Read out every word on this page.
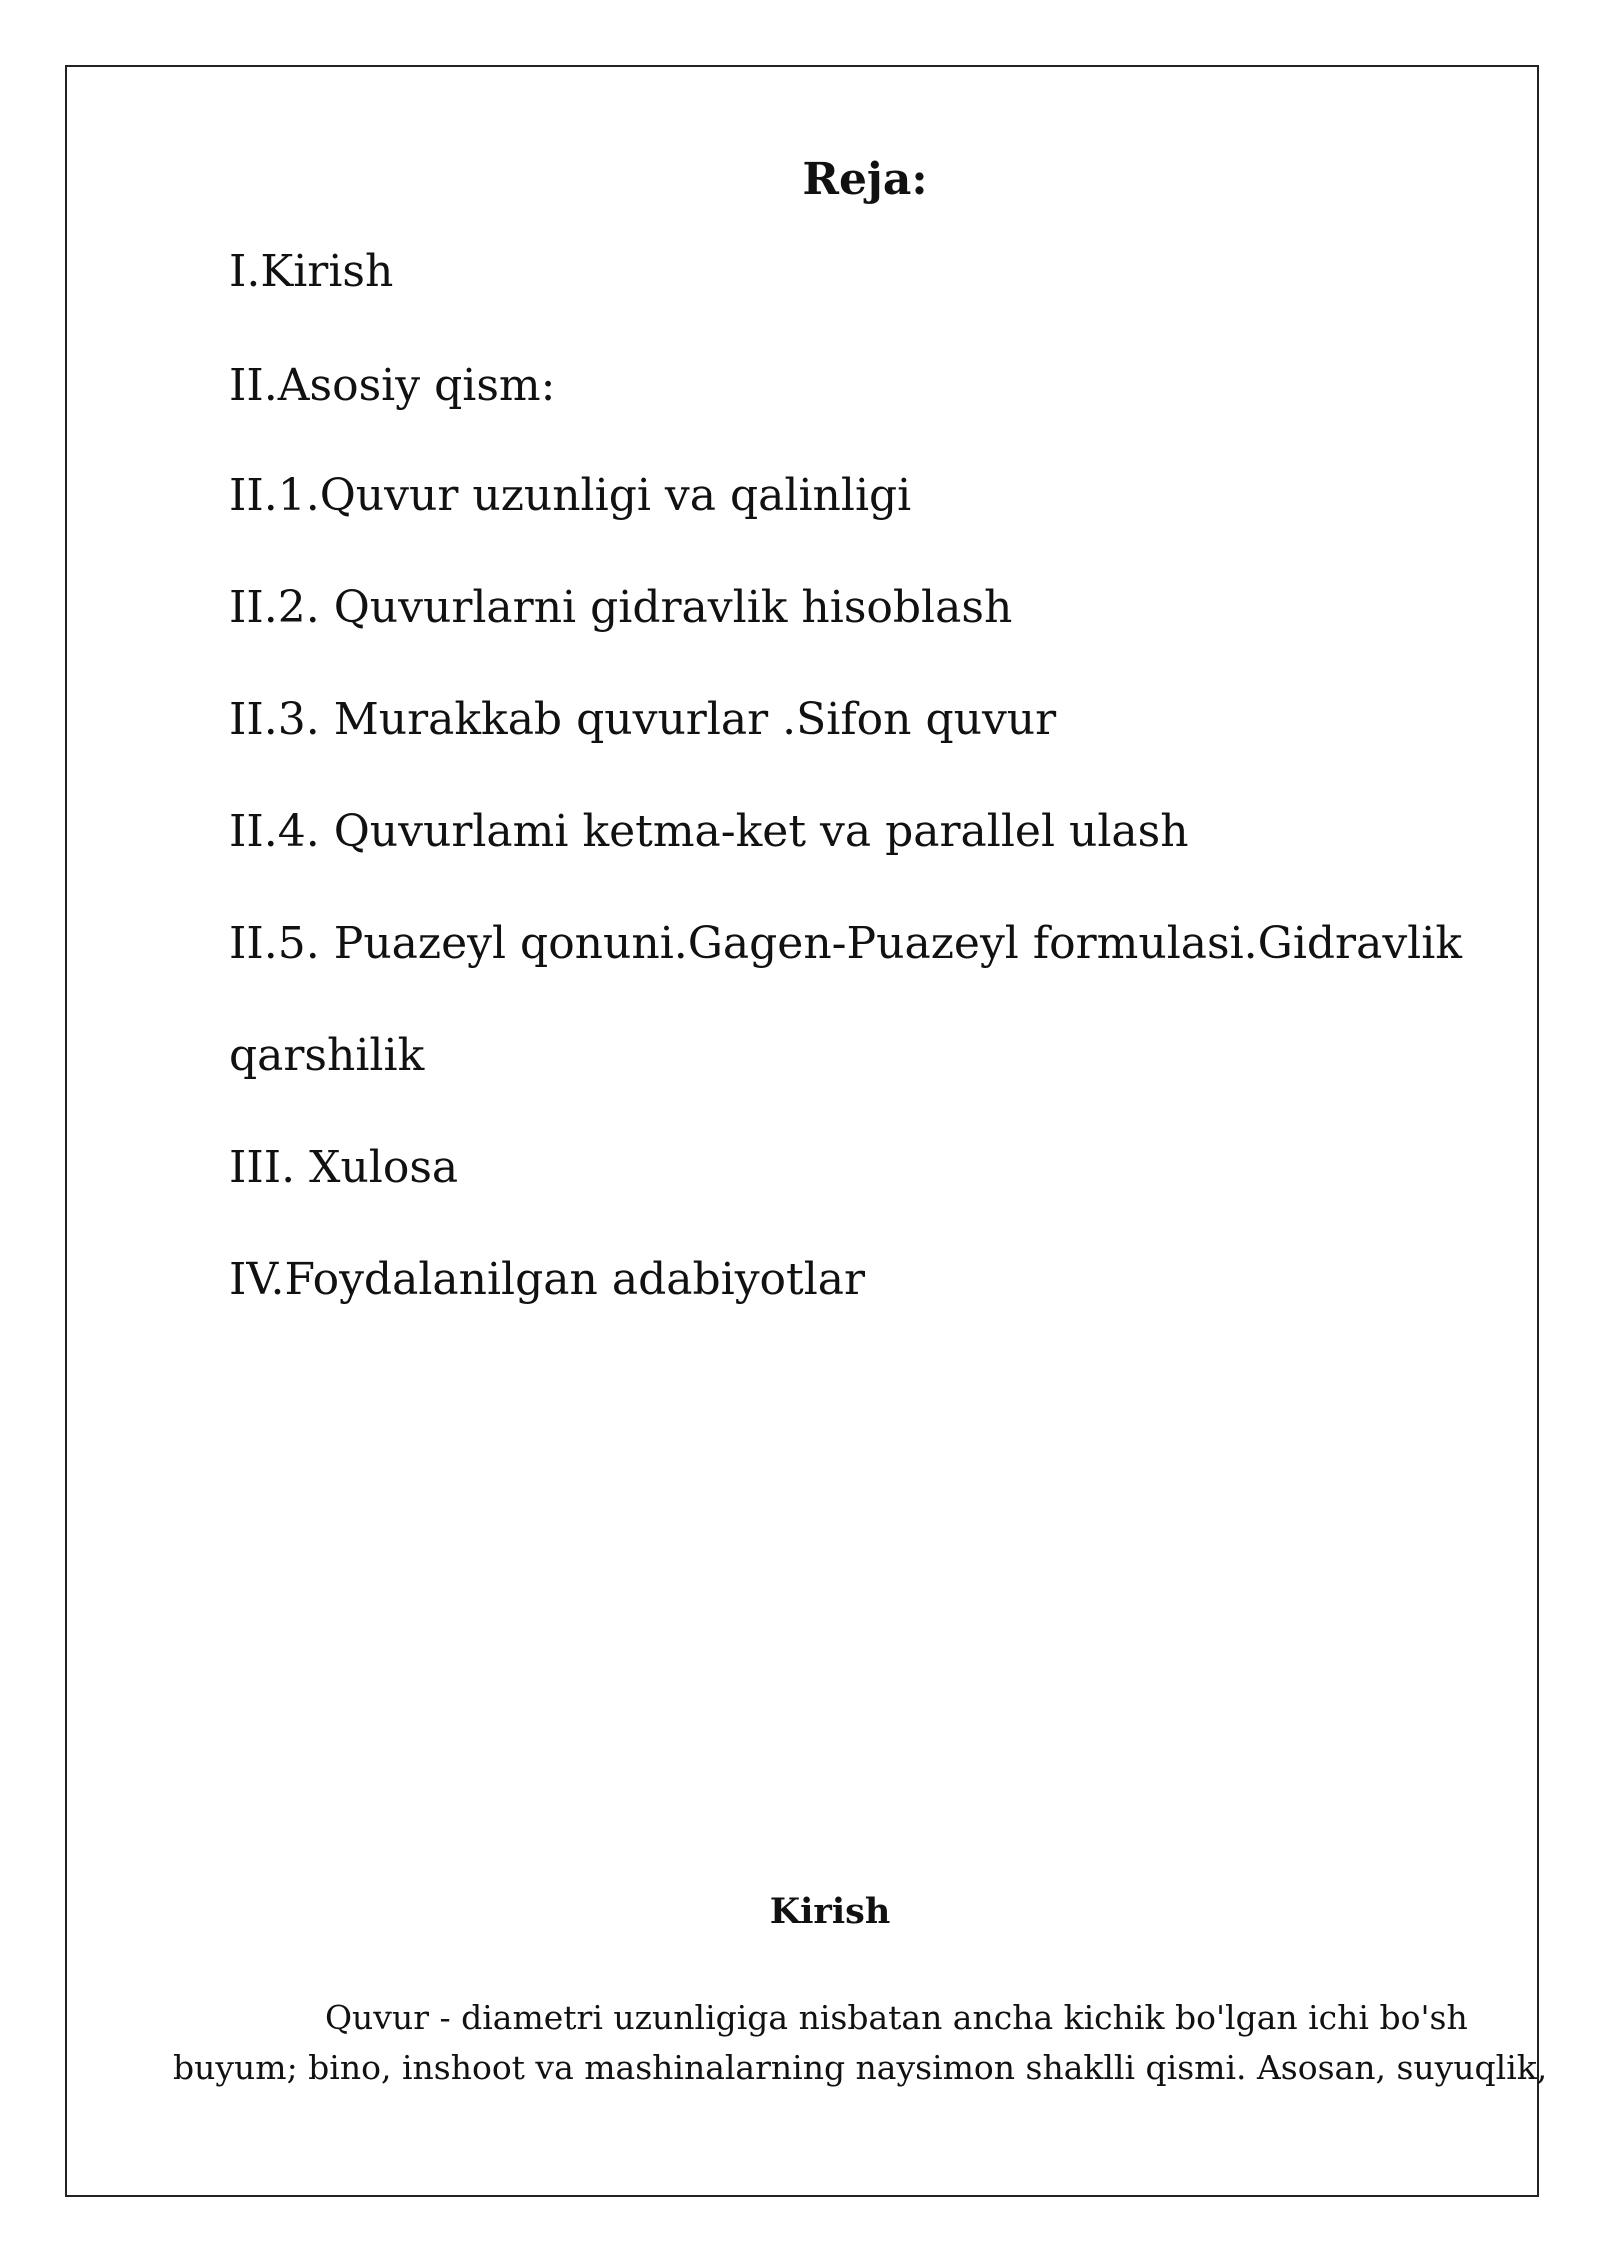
Reja:

I.Kirish

II.Asosiy qism:

II.1.Quvur uzunligi va qalinligi

II.2. Quvurlarni gidravlik hisoblash

II.3. Murakkab quvurlar .Sifon quvur

II.4. Quvurlami ketma-ket va parallel ulash

II.5. Puazeyl qonuni.Gagen-Puazeyl formulasi.Gidravlik

qarshilik

III. Xulosa

IV.Foydalanilgan adabiyotlar

Kirish

Quvur - diametri uzunligiga nisbatan ancha kichik bo'lgan ichi bo'sh

buyum; bino, inshoot va mashinalarning naysimon shaklli qismi. Asosan, suyuqlik,
